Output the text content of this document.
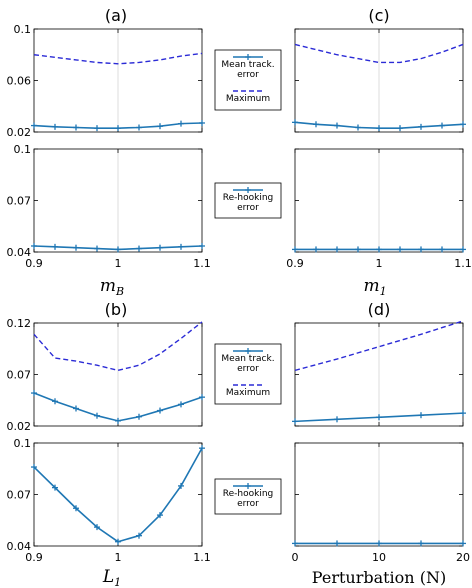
(a)	(c)
(b)	(d)
0.02
0.06
0.1
0.04
0.07
0.1
0.9	1	1.1	0.9	1	1.1
0.02
0.07
0.12
0.04
0.07
0.1
0.9	1	1.1	0	10	20
$m_B$	$m_1$
$L_1$	Perturbation (N)
Mean track.
error
Maximum
Re-hooking
error
Mean track.
error
Maximum
Re-hooking
error
